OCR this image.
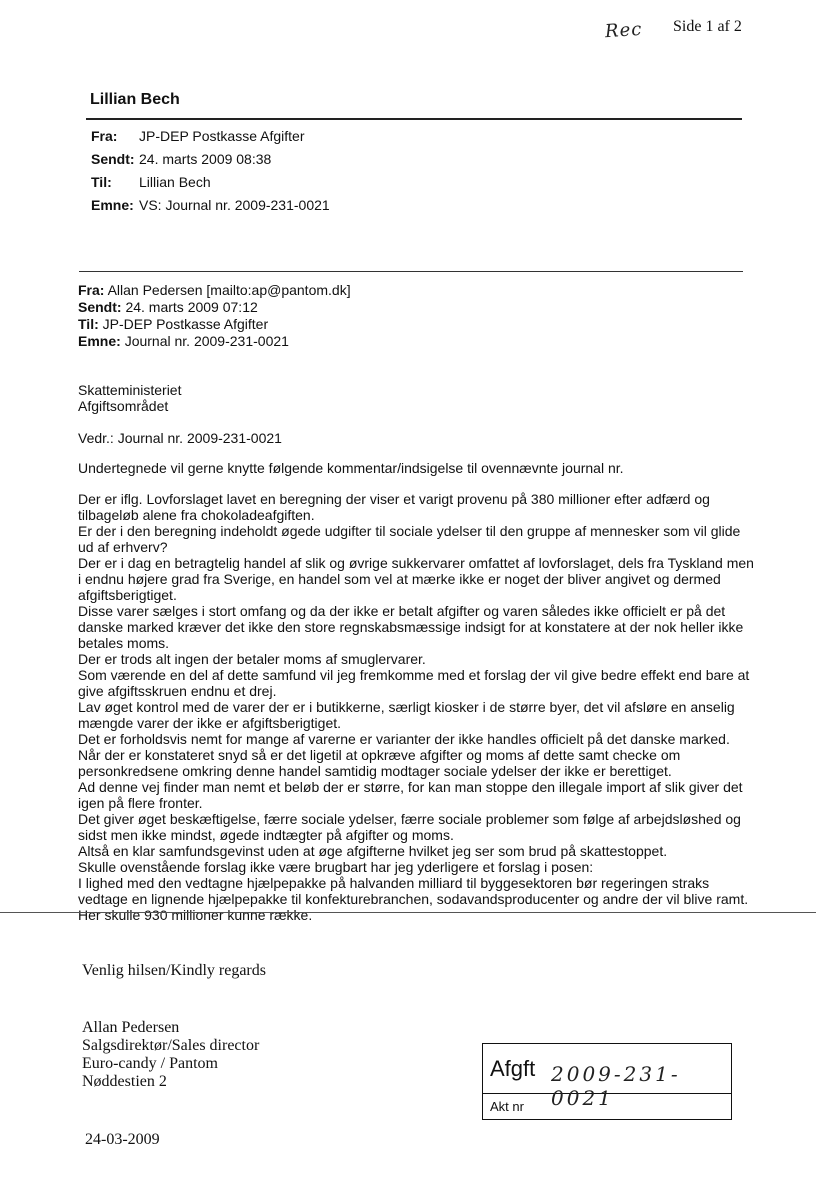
Rec Side 1 af 2
Lillian Bech
Fra: JP-DEP Postkasse Afgifter
Sendt: 24. marts 2009 08:38
Til: Lillian Bech
Emne: VS: Journal nr. 2009-231-0021
Fra: Allan Pedersen [mailto:ap@pantom.dk]
Sendt: 24. marts 2009 07:12
Til: JP-DEP Postkasse Afgifter
Emne: Journal nr. 2009-231-0021
Skatteministeriet
Afgiftsområdet
Vedr.: Journal nr. 2009-231-0021
Undertegnede vil gerne knytte følgende kommentar/indsigelse til ovennævnte journal nr.
Der er iflg. Lovforslaget lavet en beregning der viser et varigt provenu på 380 millioner efter adfærd og
tilbageløb alene fra chokoladeafgiften.
Er der i den beregning indeholdt øgede udgifter til sociale ydelser til den gruppe af mennesker som vil glide
ud af erhverv?
Der er i dag en betragtelig handel af slik og øvrige sukkervarer omfattet af lovforslaget, dels fra Tyskland men
i endnu højere grad fra Sverige, en handel som vel at mærke ikke er noget der bliver angivet og dermed
afgiftsberigtiget.
Disse varer sælges i stort omfang og da der ikke er betalt afgifter og varen således ikke officielt er på det
danske marked kræver det ikke den store regnskabsmæssige indsigt for at konstatere at der nok heller ikke
betales moms.
Der er trods alt ingen der betaler moms af smuglervarer.
Som værende en del af dette samfund vil jeg fremkomme med et forslag der vil give bedre effekt end bare at
give afgiftsskruen endnu et drej.
Lav øget kontrol med de varer der er i butikkerne, særligt kiosker i de større byer, det vil afsløre en anselig
mængde varer der ikke er afgiftsberigtiget.
Det er forholdsvis nemt for mange af varerne er varianter der ikke handles officielt på det danske marked.
Når der er konstateret snyd så er det ligetil at opkræve afgifter og moms af dette samt checke om
personkredsene omkring denne handel samtidig modtager sociale ydelser der ikke er berettiget.
Ad denne vej finder man nemt et beløb der er større, for kan man stoppe den illegale import af slik giver det
igen på flere fronter.
Det giver øget beskæftigelse, færre sociale ydelser, færre sociale problemer som følge af arbejdsløshed og
sidst men ikke mindst, øgede indtægter på afgifter og moms.
Altså en klar samfundsgevinst uden at øge afgifterne hvilket jeg ser som brud på skattestoppet.
Skulle ovenstående forslag ikke være brugbart har jeg yderligere et forslag i posen:
I lighed med den vedtagne hjælpepakke på halvanden milliard til byggesektoren bør regeringen straks
vedtage en lignende hjælpepakke til konfekturebranchen, sodavandsproducenter og andre der vil blive ramt.
Her skulle 930 millioner kunne række.
Venlig hilsen/Kindly regards
Allan Pedersen
Salgsdirektør/Sales director
Euro-candy / Pantom
Nøddestien 2
24-03-2009
Afgft 2009-231-0021
Akt nr
